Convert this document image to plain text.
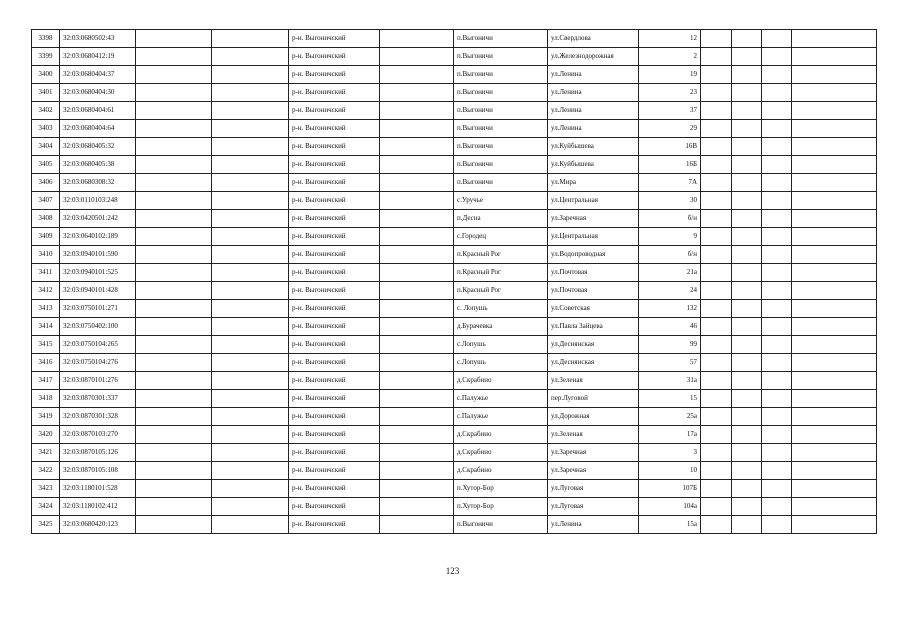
3398	32:03:0680502:43			р-н. Выгоничский		п.Выгоничи	ул.Свердлова	12				
3399	32:03:0680412:19			р-н. Выгоничский		п.Выгоничи	ул.Железнодорожная	2				
3400	32:03:0680404:37			р-н. Выгоничский		п.Выгоничи	ул.Ленина	19				
3401	32:03:0680404:30			р-н. Выгоничский		п.Выгоничи	ул.Ленина	23				
3402	32:03:0680404:61			р-н. Выгоничский		п.Выгоничи	ул.Ленина	37				
3403	32:03:0680404:64			р-н. Выгоничский		п.Выгоничи	ул.Ленина	29				
3404	32:03:0680405:32			р-н. Выгоничский		п.Выгоничи	ул.Куйбышева	16В				
3405	32:03:0680405:38			р-н. Выгоничский		п.Выгоничи	ул.Куйбышева	16Б				
3406	32:03:0680308:32			р-н. Выгоничский		п.Выгоничи	ул.Мира	7А				
3407	32:03:0110103:248			р-н. Выгоничский		с.Уручье	ул.Центральная	30				
3408	32:03:0420501:242			р-н. Выгоничский		п.Десна	ул.Заречная	б/н				
3409	32:03:0640102:189			р-н. Выгоничский		с.Городец	ул.Центральная	9				
3410	32:03:0940101:590			р-н. Выгоничский		п.Красный Рог	ул.Водопроводная	б/н				
3411	32:03:0940101:525			р-н. Выгоничский		п.Красный Рог	ул.Почтовая	21а				
3412	32:03:0940101:428			р-н. Выгоничский		п.Красный Рог	ул.Почтовая	24				
3413	32:03:0750101:271			р-н. Выгоничский		с. Лопушь	ул.Советская	132				
3414	32:03:0750402:100			р-н. Выгоничский		д.Бурачевка	ул.Павла Зайцева	46				
3415	32:03:0750104:265			р-н. Выгоничский		с.Лопушь	ул.Деснянская	99				
3416	32:03:0750104:276			р-н. Выгоничский		с.Лопушь	ул.Деснянская	57				
3417	32:03:0870101:276			р-н. Выгоничский		д.Скрабино	ул.Зеленая	31а				
3418	32:03:0870301:337			р-н. Выгоничский		с.Палужье	пер.Луговой	15				
3419	32:03:0870301:328			р-н. Выгоничский		с.Палужье	ул.Дорожная	25а				
3420	32:03:0870103:270			р-н. Выгоничский		д.Скрабино	ул.Зеленая	17а				
3421	32:03:0870105:126			р-н. Выгоничский		д.Скрабино	ул.Заречная	3				
3422	32:03:0870105:108			р-н. Выгоничский		д.Скрабино	ул.Заречная	10				
3423	32:03:1180101:528			р-н. Выгоничский		п.Хутор-Бор	ул.Луговая	107Б				
3424	32:03:1180102:412			р-н. Выгоничский		п.Хутор-Бор	ул.Луговая	104а				
3425	32:03:0680420:123			р-н. Выгоничский		п.Выгоничи	ул.Ленина	15а				
123
